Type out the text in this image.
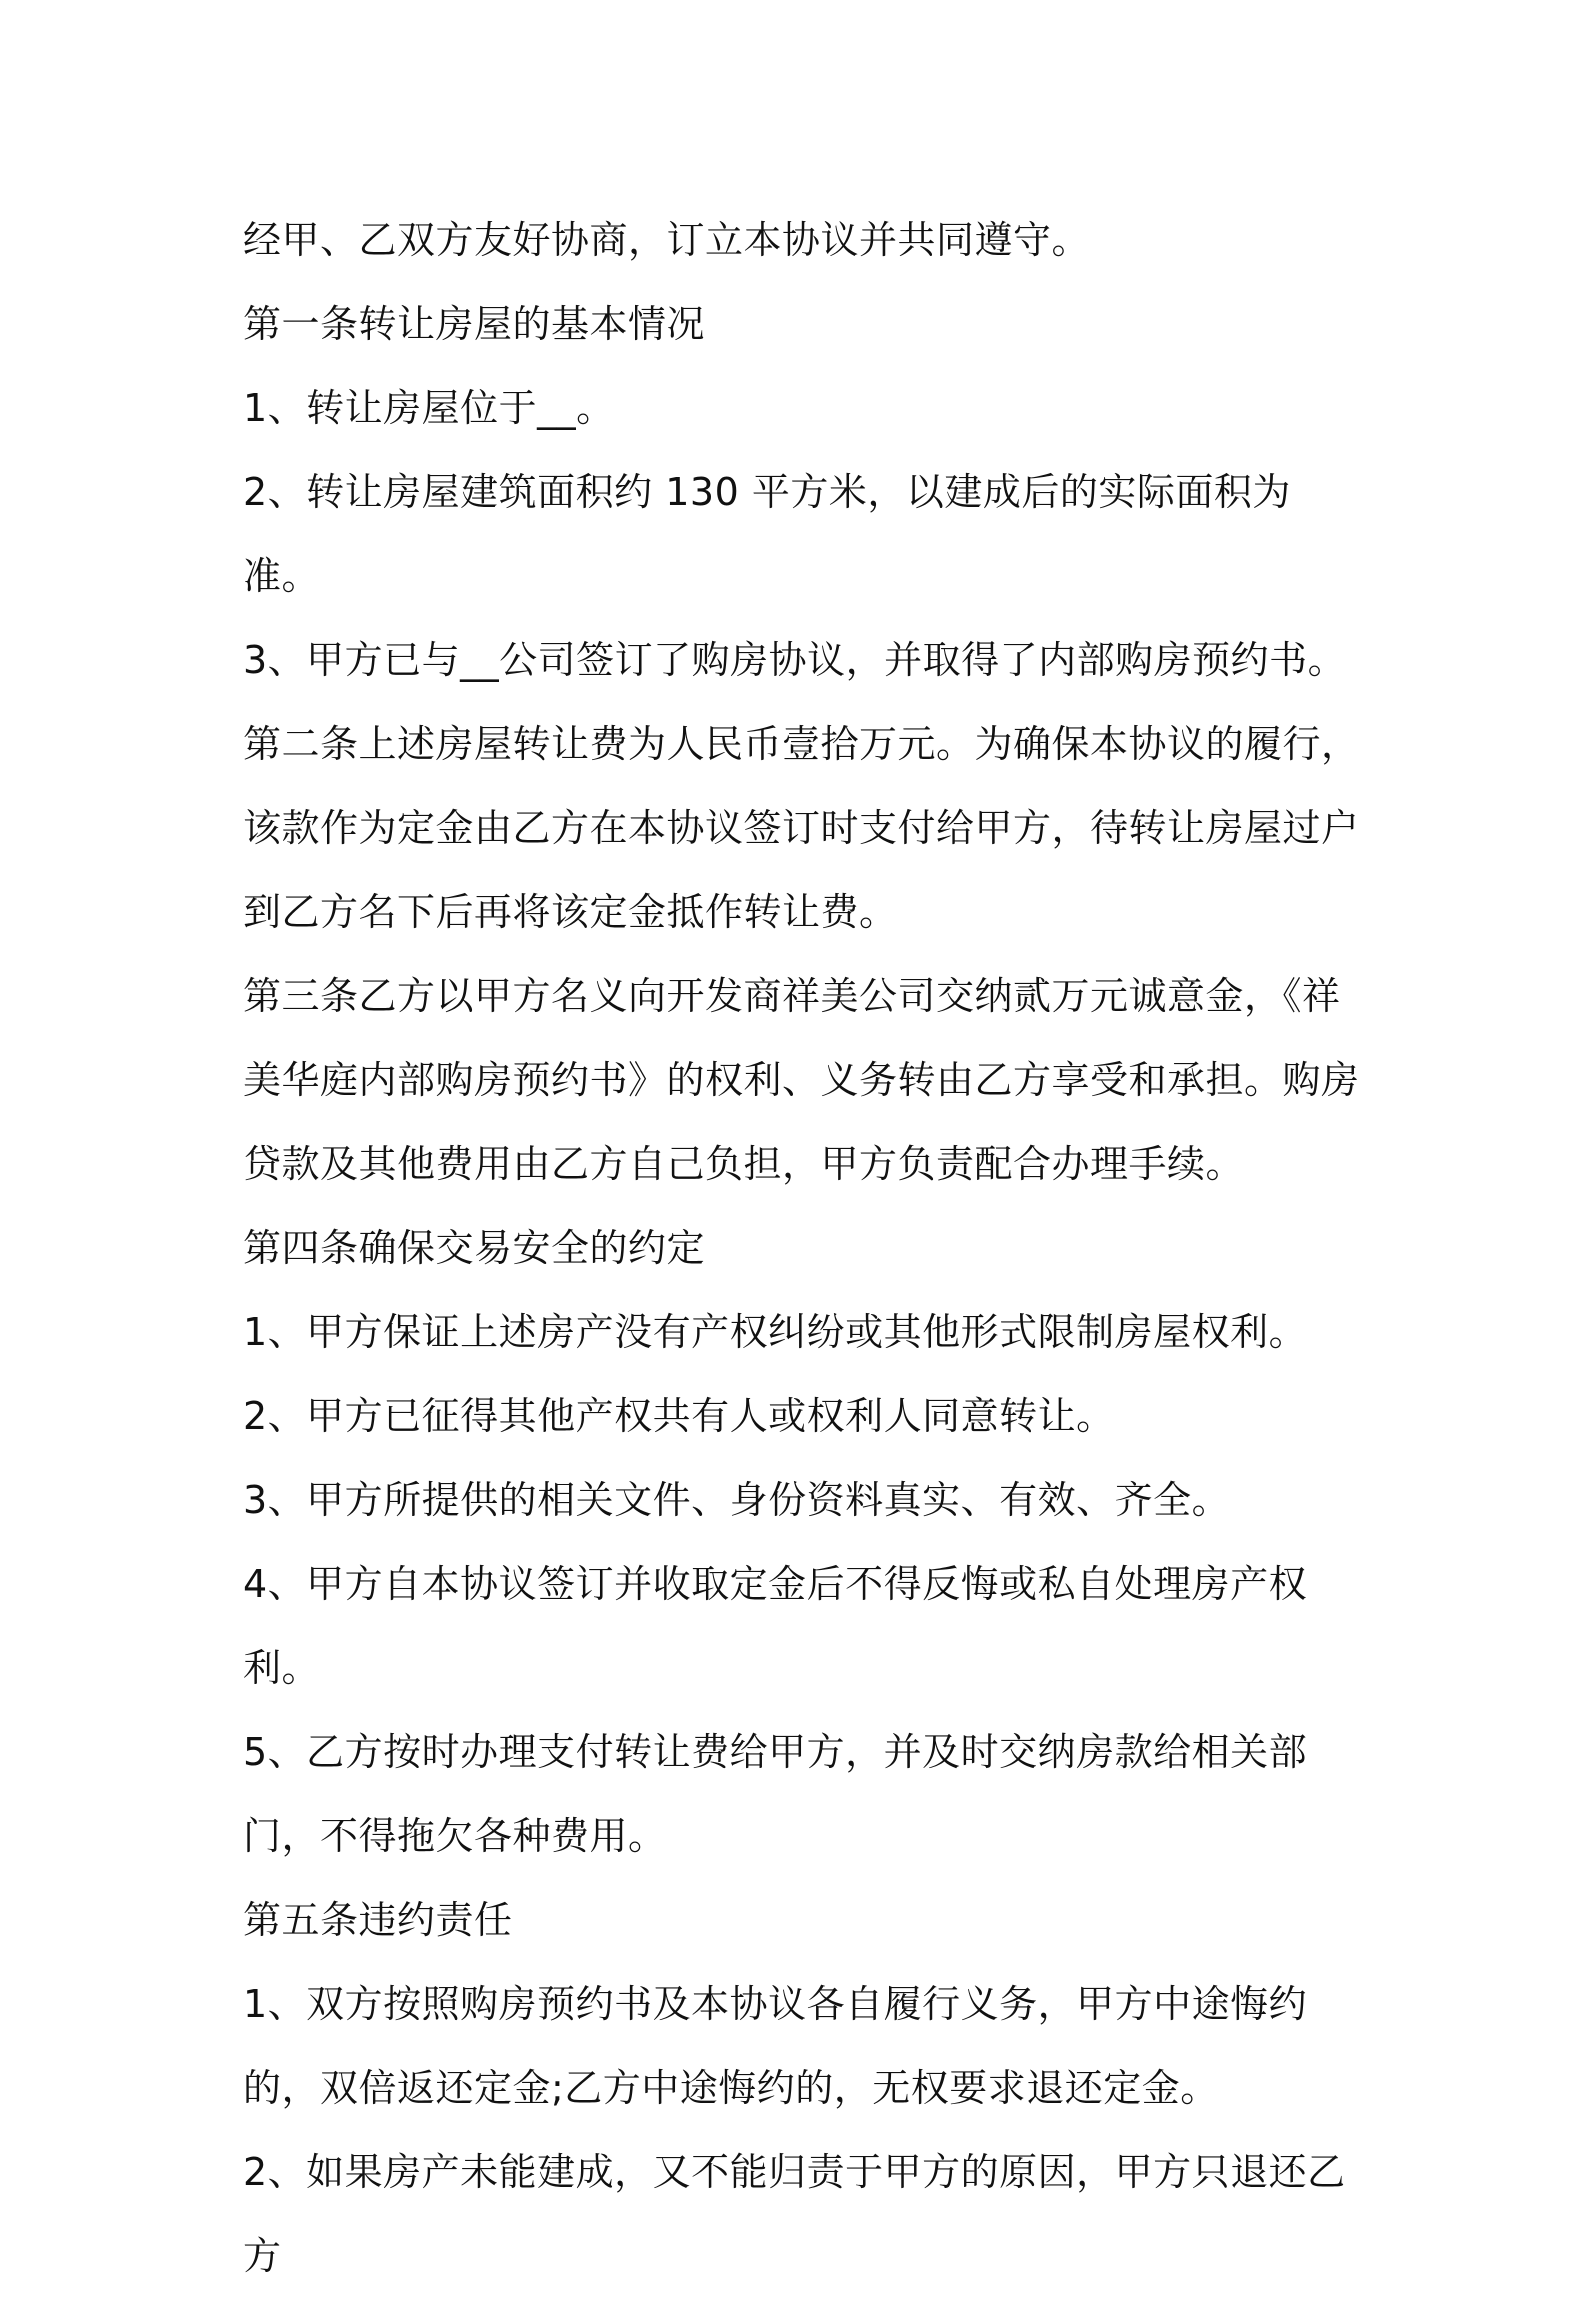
经甲、乙双方友好协商，订立本协议并共同遵守。

第一条转让房屋的基本情况

1、转让房屋位于__。

2、转让房屋建筑面积约 130 平方米，以建成后的实际面积为准。

3、甲方已与__公司签订了购房协议，并取得了内部购房预约书。

第二条上述房屋转让费为人民币壹拾万元。为确保本协议的履行，该款作为定金由乙方在本协议签订时支付给甲方，待转让房屋过户到乙方名下后再将该定金抵作转让费。

第三条乙方以甲方名义向开发商祥美公司交纳贰万元诚意金，《祥美华庭内部购房预约书》的权利、义务转由乙方享受和承担。购房贷款及其他费用由乙方自己负担，甲方负责配合办理手续。

第四条确保交易安全的约定

1、甲方保证上述房产没有产权纠纷或其他形式限制房屋权利。

2、甲方已征得其他产权共有人或权利人同意转让。

3、甲方所提供的相关文件、身份资料真实、有效、齐全。

4、甲方自本协议签订并收取定金后不得反悔或私自处理房产权利。

5、乙方按时办理支付转让费给甲方，并及时交纳房款给相关部门，不得拖欠各种费用。

第五条违约责任

1、双方按照购房预约书及本协议各自履行义务，甲方中途悔约的，双倍返还定金;乙方中途悔约的，无权要求退还定金。

2、如果房产未能建成，又不能归责于甲方的原因，甲方只退还乙方
